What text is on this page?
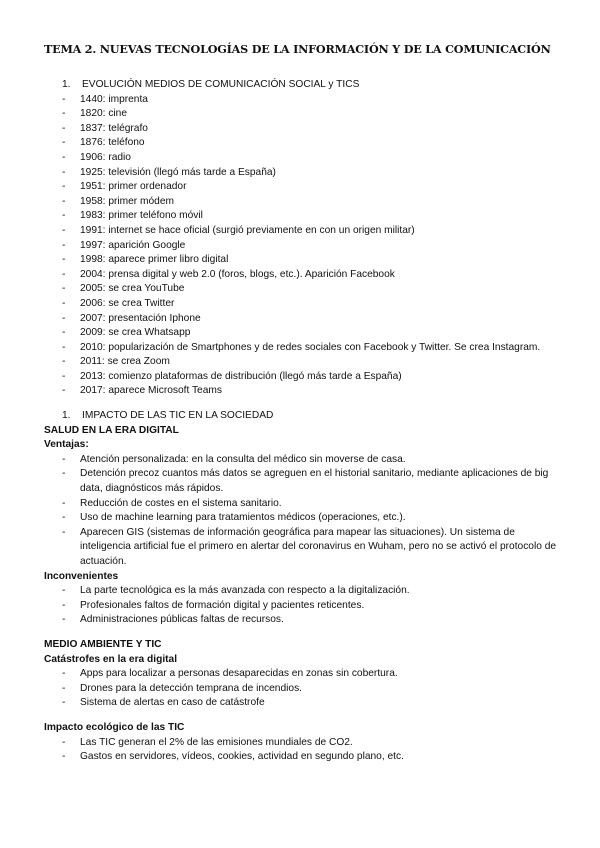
TEMA 2. NUEVAS TECNOLOGÍAS DE LA INFORMACIÓN Y DE LA COMUNICACIÓN
1. EVOLUCIÓN MEDIOS DE COMUNICACIÓN SOCIAL y TICS
- 1440: imprenta
- 1820: cine
- 1837: telégrafo
- 1876: teléfono
- 1906: radio
- 1925: televisión (llegó más tarde a España)
- 1951: primer ordenador
- 1958: primer módem
- 1983: primer teléfono móvil
- 1991: internet se hace oficial (surgió previamente en con un origen militar)
- 1997: aparición Google
- 1998: aparece primer libro digital
- 2004: prensa digital y web 2.0 (foros, blogs, etc.). Aparición Facebook
- 2005: se crea YouTube
- 2006: se crea Twitter
- 2007: presentación Iphone
- 2009: se crea Whatsapp
- 2010: popularización de Smartphones y de redes sociales con Facebook y Twitter. Se crea Instagram.
- 2011: se crea Zoom
- 2013: comienzo plataformas de distribución (llegó más tarde a España)
- 2017: aparece Microsoft Teams
1. IMPACTO DE LAS TIC EN LA SOCIEDAD
SALUD EN LA ERA DIGITAL
Ventajas:
- Atención personalizada: en la consulta del médico sin moverse de casa.
- Detención precoz cuantos más datos se agreguen en el historial sanitario, mediante aplicaciones de big data, diagnósticos más rápidos.
- Reducción de costes en el sistema sanitario.
- Uso de machine learning para tratamientos médicos (operaciones, etc.).
- Aparecen GIS (sistemas de información geográfica para mapear las situaciones). Un sistema de inteligencia artificial fue el primero en alertar del coronavirus en Wuham, pero no se activó el protocolo de actuación.
Inconvenientes
- La parte tecnológica es la más avanzada con respecto a la digitalización.
- Profesionales faltos de formación digital y pacientes reticentes.
- Administraciones públicas faltas de recursos.
MEDIO AMBIENTE Y TIC
Catástrofes en la era digital
- Apps para localizar a personas desaparecidas en zonas sin cobertura.
- Drones para la detección temprana de incendios.
- Sistema de alertas en caso de catástrofe
Impacto ecológico de las TIC
- Las TIC generan el 2% de las emisiones mundiales de CO2.
- Gastos en servidores, vídeos, cookies, actividad en segundo plano, etc.
